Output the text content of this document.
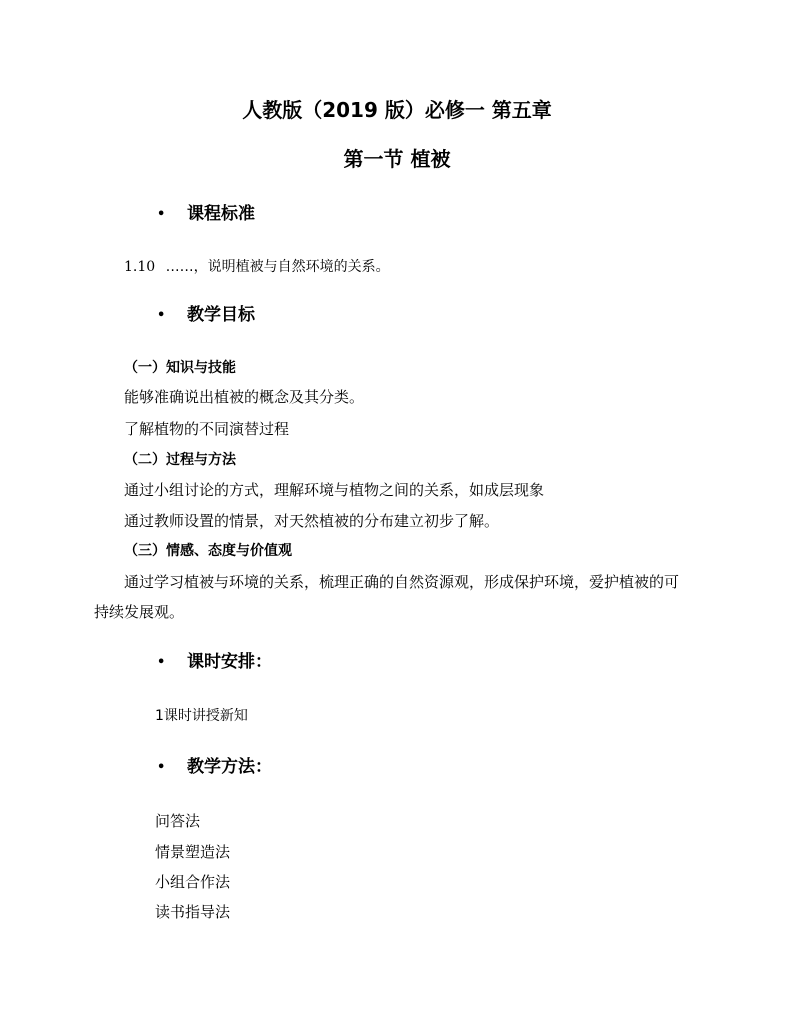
人教版（2019 版）必修一 第五章
第一节 植被
• 课程标准
1.10 ……，说明植被与自然环境的关系。
• 教学目标
（一）知识与技能
能够准确说出植被的概念及其分类。
了解植物的不同演替过程
（二）过程与方法
通过小组讨论的方式，理解环境与植物之间的关系，如成层现象
通过教师设置的情景，对天然植被的分布建立初步了解。
（三）情感、态度与价值观
通过学习植被与环境的关系，梳理正确的自然资源观，形成保护环境，爱护植被的可
持续发展观。
• 课时安排：
1课时讲授新知
• 教学方法：
问答法
情景塑造法
小组合作法
读书指导法
